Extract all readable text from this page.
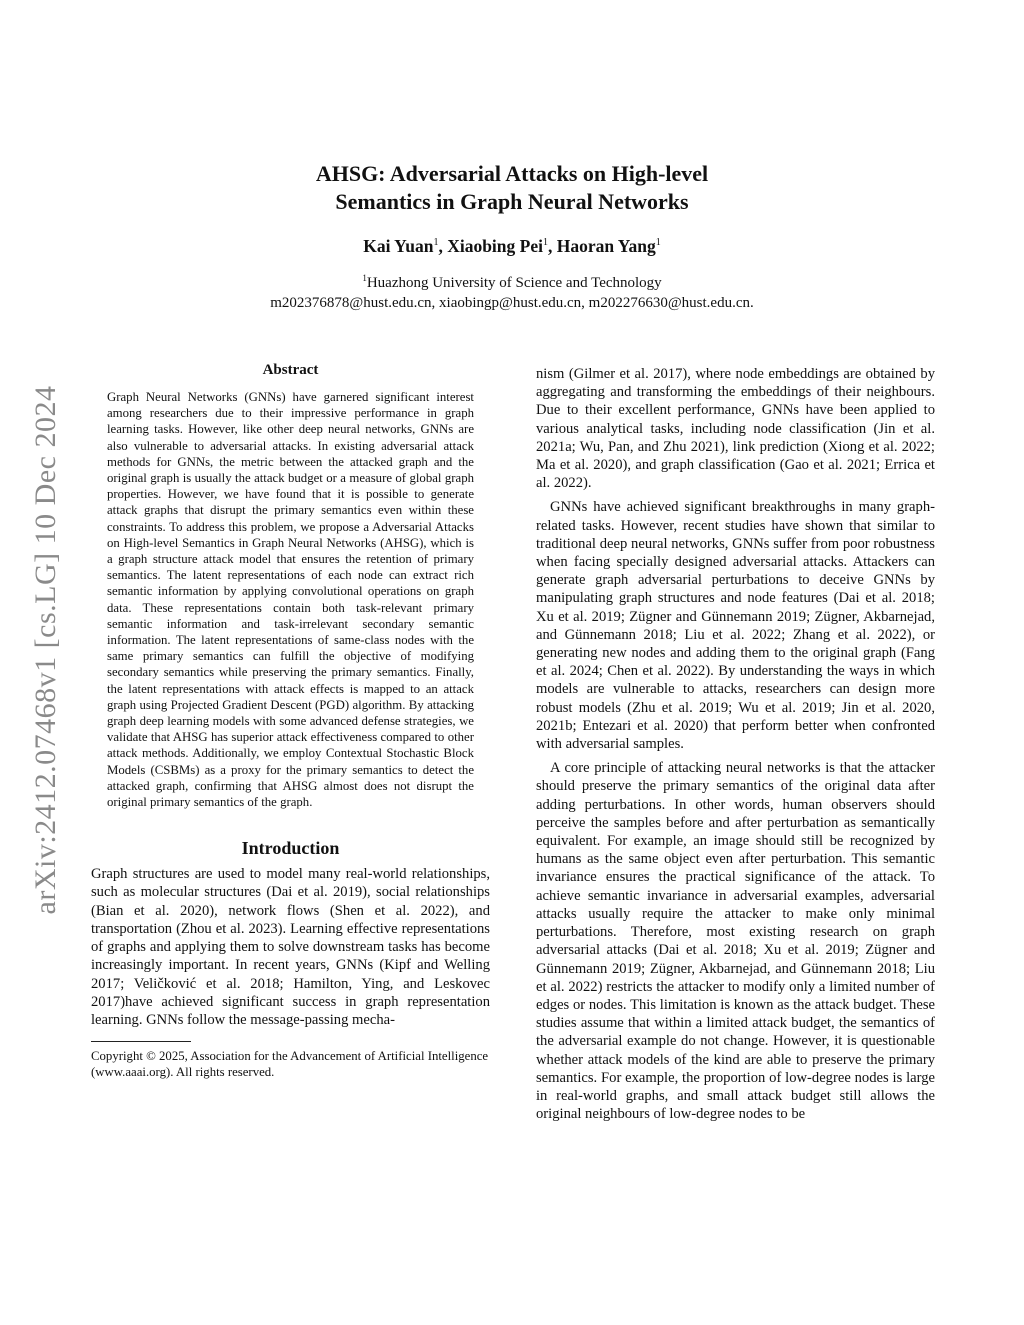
arXiv:2412.07468v1 [cs.LG] 10 Dec 2024
AHSG: Adversarial Attacks on High-level
Semantics in Graph Neural Networks
Kai Yuan$^1$, Xiaobing Pei$^1$, Haoran Yang$^1$
$^1$Huazhong University of Science and Technology
m202376878@hust.edu.cn, xiaobingp@hust.edu.cn, m202276630@hust.edu.cn.
Abstract

Graph Neural Networks (GNNs) have garnered significant interest among researchers due to their impressive performance in graph learning tasks. However, like other deep neural networks, GNNs are also vulnerable to adversarial attacks. In existing adversarial attack methods for GNNs, the metric between the attacked graph and the original graph is usually the attack budget or a measure of global graph properties. However, we have found that it is possible to generate attack graphs that disrupt the primary semantics even within these constraints. To address this problem, we propose a Adversarial Attacks on High-level Semantics in Graph Neural Networks (AHSG), which is a graph structure attack model that ensures the retention of primary semantics. The latent representations of each node can extract rich semantic information by applying convolutional operations on graph data. These representations contain both task-relevant primary semantic information and task-irrelevant secondary semantic information. The latent representations of same-class nodes with the same primary semantics can fulfill the objective of modifying secondary semantics while preserving the primary semantics. Finally, the latent representations with attack effects is mapped to an attack graph using Projected Gradient Descent (PGD) algorithm. By attacking graph deep learning models with some advanced defense strategies, we validate that AHSG has superior attack effectiveness compared to other attack methods. Additionally, we employ Contextual Stochastic Block Models (CSBMs) as a proxy for the primary semantics to detect the attacked graph, confirming that AHSG almost does not disrupt the original primary semantics of the graph.

Introduction

Graph structures are used to model many real-world relationships, such as molecular structures (Dai et al. 2019), social relationships (Bian et al. 2020), network flows (Shen et al. 2022), and transportation (Zhou et al. 2023). Learning effective representations of graphs and applying them to solve downstream tasks has become increasingly important. In recent years, GNNs (Kipf and Welling 2017; Veličković et al. 2018; Hamilton, Ying, and Leskovec 2017)have achieved significant success in graph representation learning. GNNs follow the message-passing mecha-

Copyright © 2025, Association for the Advancement of Artificial Intelligence (www.aaai.org). All rights reserved.

nism (Gilmer et al. 2017), where node embeddings are obtained by aggregating and transforming the embeddings of their neighbours. Due to their excellent performance, GNNs have been applied to various analytical tasks, including node classification (Jin et al. 2021a; Wu, Pan, and Zhu 2021), link prediction (Xiong et al. 2022; Ma et al. 2020), and graph classification (Gao et al. 2021; Errica et al. 2022).

GNNs have achieved significant breakthroughs in many graph-related tasks. However, recent studies have shown that similar to traditional deep neural networks, GNNs suffer from poor robustness when facing specially designed adversarial attacks. Attackers can generate graph adversarial perturbations to deceive GNNs by manipulating graph structures and node features (Dai et al. 2018; Xu et al. 2019; Zügner and Günnemann 2019; Zügner, Akbarnejad, and Günnemann 2018; Liu et al. 2022; Zhang et al. 2022), or generating new nodes and adding them to the original graph (Fang et al. 2024; Chen et al. 2022). By understanding the ways in which models are vulnerable to attacks, researchers can design more robust models (Zhu et al. 2019; Wu et al. 2019; Jin et al. 2020, 2021b; Entezari et al. 2020) that perform better when confronted with adversarial samples.

A core principle of attacking neural networks is that the attacker should preserve the primary semantics of the original data after adding perturbations. In other words, human observers should perceive the samples before and after perturbation as semantically equivalent. For example, an image should still be recognized by humans as the same object even after perturbation. This semantic invariance ensures the practical significance of the attack. To achieve semantic invariance in adversarial examples, adversarial attacks usually require the attacker to make only minimal perturbations. Therefore, most existing research on graph adversarial attacks (Dai et al. 2018; Xu et al. 2019; Zügner and Günnemann 2019; Zügner, Akbarnejad, and Günnemann 2018; Liu et al. 2022) restricts the attacker to modify only a limited number of edges or nodes. This limitation is known as the attack budget. These studies assume that within a limited attack budget, the semantics of the adversarial example do not change. However, it is questionable whether attack models of the kind are able to preserve the primary semantics. For example, the proportion of low-degree nodes is large in real-world graphs, and small attack budget still allows the original neighbours of low-degree nodes to be
